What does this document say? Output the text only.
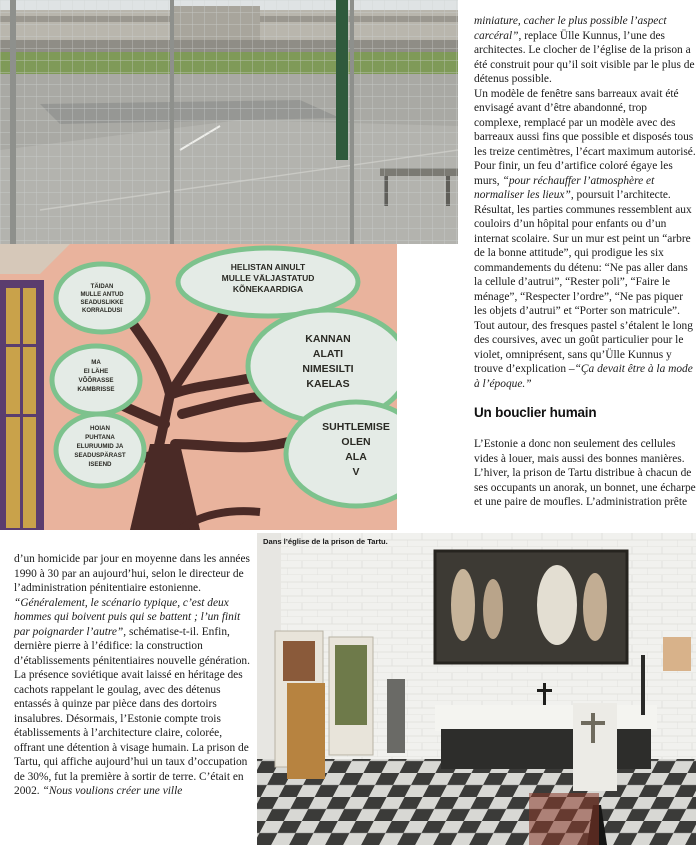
TÄIDAN MULLE ANTUD SEADUSLIKKE KORRALDUSI
HELISTAN AINULT MULLE VÄLJASTATUD KÕNEKAARDIGA
MA EI LÄHE VÕÕRASSE KAMBRISSE
KANNAN ALATI NIMESILTI KAELAS
HOIAN PUHTANA ELURUUMID JA SEADUSPÄRAST ISEEND
SUHTLEMISE OLEN ALA V

miniature, cacher le plus possible l’aspect carcéral”, replace Ülle Kunnus, l’une des architectes. Le clocher de l’église de la prison a été construit pour qu’il soit visible par le plus de détenus possible.

Un modèle de fenêtre sans barreaux avait été envisagé avant d’être abandonné, trop complexe, remplacé par un modèle avec des barreaux aussi fins que possible et disposés tous les treize centimètres, l’écart maximum autorisé. Pour finir, un feu d’artifice coloré égaye les murs, “pour réchauffer l’atmosphère et normaliser les lieux”, poursuit l’architecte. Résultat, les parties communes ressemblent aux couloirs d’un hôpital pour enfants ou d’un internat scolaire. Sur un mur est peint un “arbre de la bonne attitude”, qui prodigue les six commandements du détenu: “Ne pas aller dans la cellule d’autrui”, “Rester poli”, “Faire le ménage”, “Respecter l’ordre”, “Ne pas piquer les objets d’autrui” et “Porter son matricule”. Tout autour, des fresques pastel s’étalent le long des coursives, avec un goût particulier pour le violet, omniprésent, sans qu’Ülle Kunnus y trouve d’explication –“Ça devait être à la mode à l’époque.”

Un bouclier humain

L’Estonie a donc non seulement des cellules vides à louer, mais aussi des bonnes manières. L’hiver, la prison de Tartu distribue à chacun de ses occupants un anorak, un bonnet, une écharpe et une paire de moufles. L’administration prête

Dans l’église de la prison de Tartu.

d’un homicide par jour en moyenne dans les années 1990 à 30 par an aujourd’hui, selon le directeur de l’administration pénitentiaire estonienne. “Généralement, le scénario typique, c’est deux hommes qui boivent puis qui se battent ; l’un finit par poignarder l’autre”, schématise-t-il. Enfin, dernière pierre à l’édifice: la construction d’établissements pénitentiaires nouvelle génération. La présence soviétique avait laissé en héritage des cachots rappelant le goulag, avec des détenus entassés à quinze par pièce dans des dortoirs insalubres. Désormais, l’Estonie compte trois établissements à l’architecture claire, colorée, offrant une détention à visage humain. La prison de Tartu, qui affiche aujourd’hui un taux d’occupation de 30%, fut la première à sortir de terre. C’était en 2002. “Nous voulions créer une ville
